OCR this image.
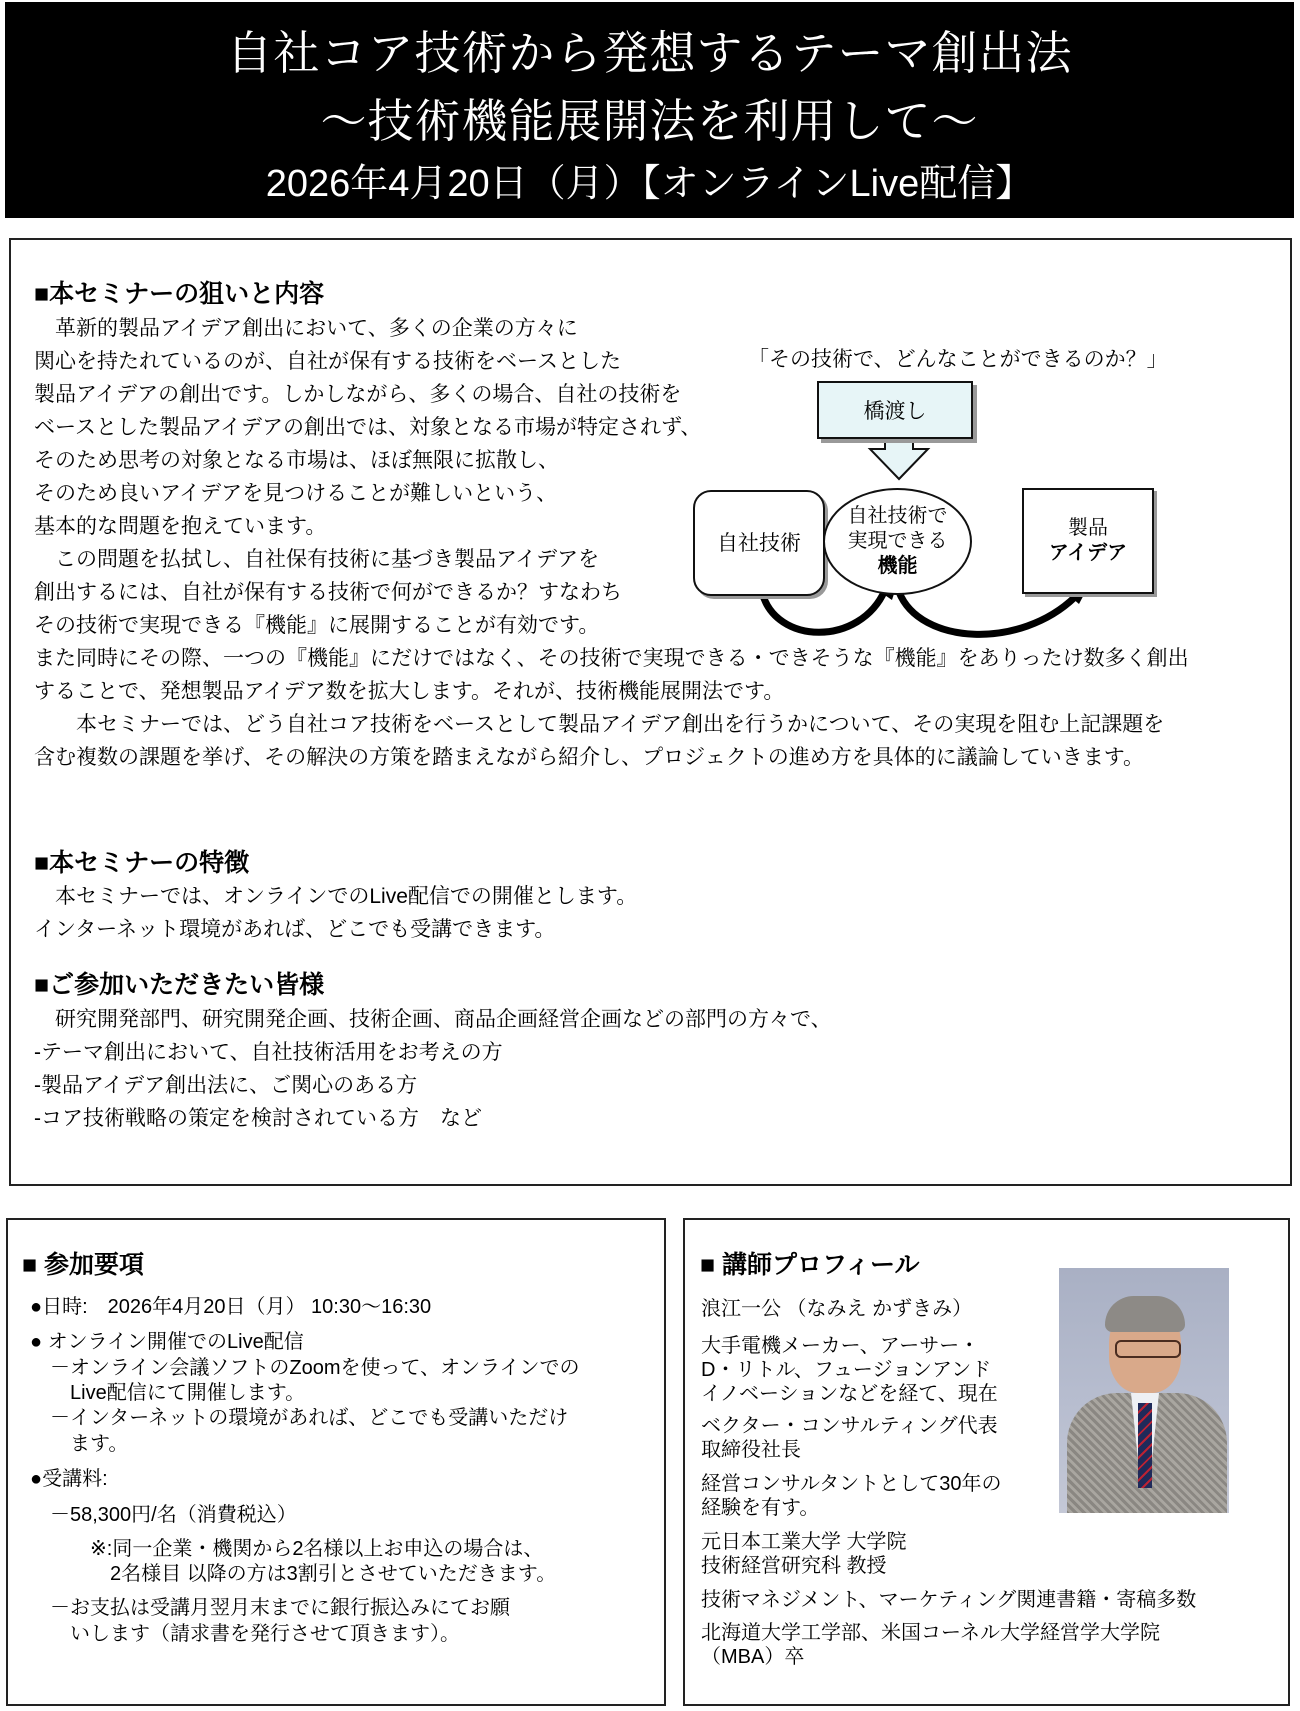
自社コア技術から発想するテーマ創出法
～技術機能展開法を利用して～
2026年4月20日（月）【オンラインLive配信】
■本セミナーの狙いと内容
　革新的製品アイデア創出において、多くの企業の方々に
関心を持たれているのが、自社が保有する技術をベースとした
製品アイデアの創出です。しかしながら、多くの場合、自社の技術を
ベースとした製品アイデアの創出では、対象となる市場が特定されず、
そのため思考の対象となる市場は、ほぼ無限に拡散し、
そのため良いアイデアを見つけることが難しいという、
基本的な問題を抱えています。
　この問題を払拭し、自社保有技術に基づき製品アイデアを
創出するには、自社が保有する技術で何ができるか？すなわち
その技術で実現できる『機能』に展開することが有効です。
また同時にその際、一つの『機能』にだけではなく、その技術で実現できる・できそうな『機能』をありったけ数多く創出
することで、発想製品アイデア数を拡大します。それが、技術機能展開法です。
　　本セミナーでは、どう自社コア技術をベースとして製品アイデア創出を行うかについて、その実現を阻む上記課題を
含む複数の課題を挙げ、その解決の方策を踏まえながら紹介し、プロジェクトの進め方を具体的に議論していきます。
「その技術で、どんなことができるのか？」
橋渡し
自社技術
自社技術で
実現できる
機能
製品
アイデア
■本セミナーの特徴
　本セミナーでは、オンラインでのLive配信での開催とします。
インターネット環境があれば、どこでも受講できます。
■ご参加いただきたい皆様
　研究開発部門、研究開発企画、技術企画、商品企画経営企画などの部門の方々で、
-テーマ創出において、自社技術活用をお考えの方
-製品アイデア創出法に、ご関心のある方
-コア技術戦略の策定を検討されている方　など
■ 参加要項
●日時:　2026年4月20日（月） 10:30～16:30
● オンライン開催でのLive配信
　－オンライン会議ソフトのZoomを使って、オンラインでの
　　Live配信にて開催します。
　－インターネットの環境があれば、どこでも受講いただけ
　　ます。
●受講料:
　－58,300円/名（消費税込）
　　　※:同一企業・機関から2名様以上お申込の場合は、
　　　　2名様目 以降の方は3割引とさせていただきます。
　－お支払は受講月翌月末までに銀行振込みにてお願
　　いします（請求書を発行させて頂きます）。
■ 講師プロフィール
浪江一公 （なみえ かずきみ）
大手電機メーカー、アーサー・
D・リトル、フュージョンアンド
イノベーションなどを経て、現在
ベクター・コンサルティング代表
取締役社長
経営コンサルタントとして30年の
経験を有す。
元日本工業大学 大学院
技術経営研究科 教授
技術マネジメント、マーケティング関連書籍・寄稿多数
北海道大学工学部、米国コーネル大学経営学大学院
（MBA）卒
